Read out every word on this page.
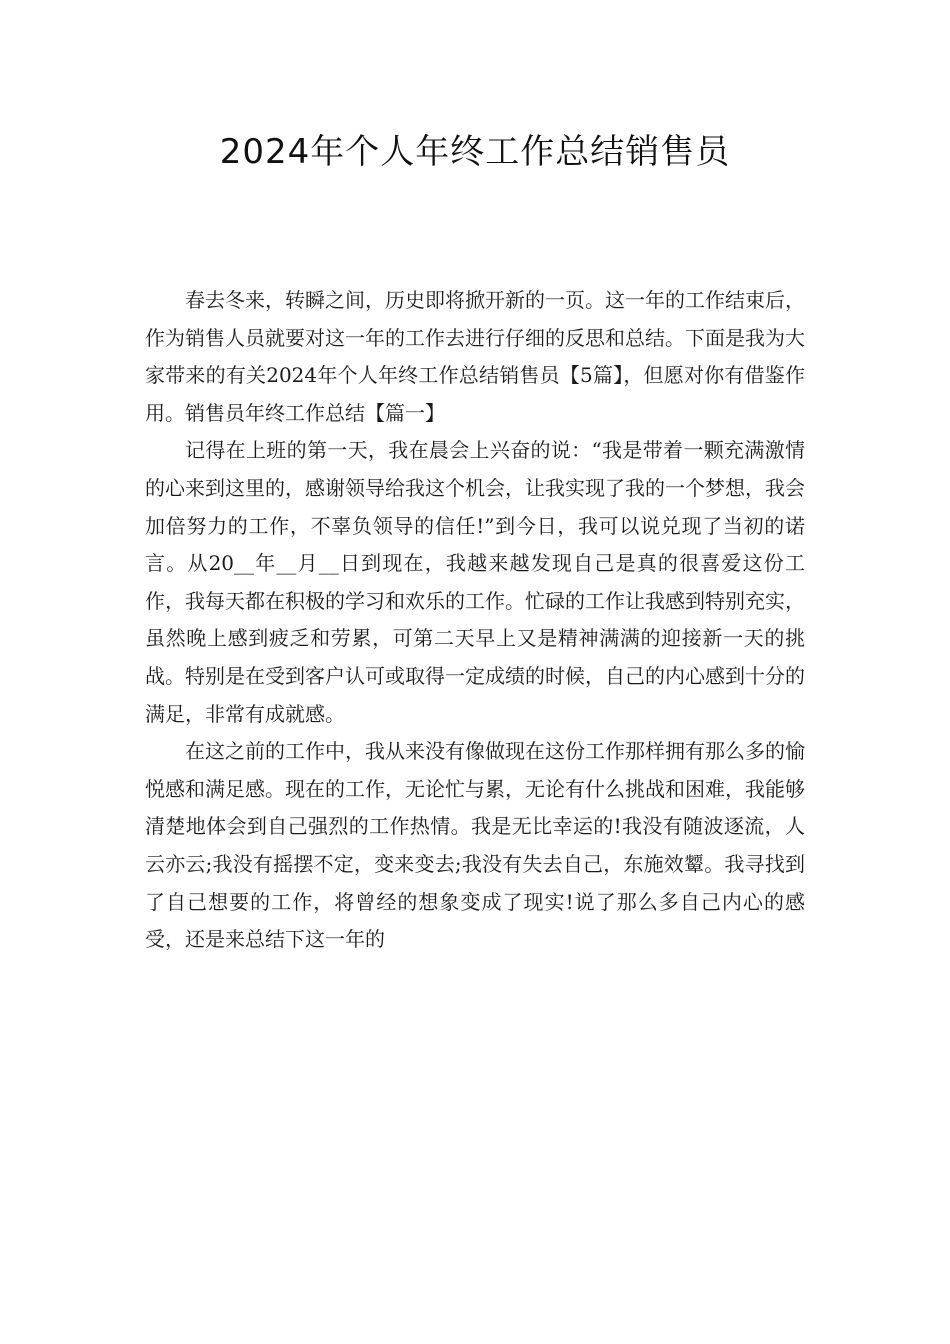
2024年个人年终工作总结销售员

春去冬来，转瞬之间，历史即将掀开新的一页。这一年的工作结束后，作为销售人员就要对这一年的工作去进行仔细的反思和总结。下面是我为大家带来的有关2024年个人年终工作总结销售员【5篇】，但愿对你有借鉴作用。销售员年终工作总结【篇一】

记得在上班的第一天，我在晨会上兴奋的说：“我是带着一颗充满激情的心来到这里的，感谢领导给我这个机会，让我实现了我的一个梦想，我会加倍努力的工作，不辜负领导的信任!”到今日，我可以说兑现了当初的诺言。从20__年__月__日到现在，我越来越发现自己是真的很喜爱这份工作，我每天都在积极的学习和欢乐的工作。忙碌的工作让我感到特别充实，虽然晚上感到疲乏和劳累，可第二天早上又是精神满满的迎接新一天的挑战。特别是在受到客户认可或取得一定成绩的时候，自己的内心感到十分的满足，非常有成就感。

在这之前的工作中，我从来没有像做现在这份工作那样拥有那么多的愉悦感和满足感。现在的工作，无论忙与累，无论有什么挑战和困难，我能够清楚地体会到自己强烈的工作热情。我是无比幸运的!我没有随波逐流，人云亦云;我没有摇摆不定，变来变去;我没有失去自己，东施效颦。我寻找到了自己想要的工作，将曾经的想象变成了现实!说了那么多自己内心的感受，还是来总结下这一年的
